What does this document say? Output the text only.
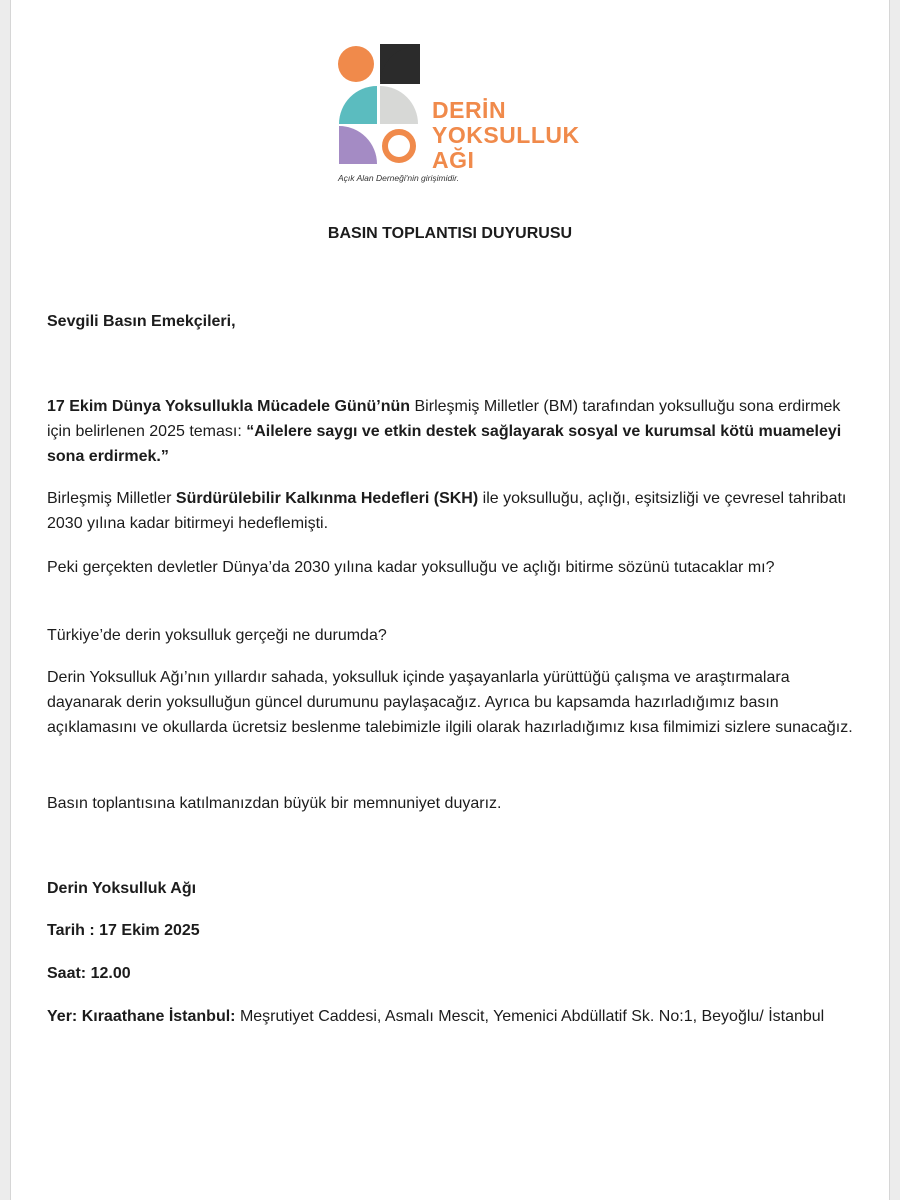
DERİN
YOKSULLUK
AĞI
Açık Alan Derneği'nin girişimidir.
BASIN TOPLANTISI DUYURUSU
Sevgili Basın Emekçileri,

17 Ekim Dünya Yoksullukla Mücadele Günü’nün Birleşmiş Milletler (BM) tarafından yoksulluğu sona erdirmek için belirlenen 2025 teması: “Ailelere saygı ve etkin destek sağlayarak sosyal ve kurumsal kötü muameleyi sona erdirmek.”

Birleşmiş Milletler Sürdürülebilir Kalkınma Hedefleri (SKH) ile yoksulluğu, açlığı, eşitsizliği ve çevresel tahribatı 2030 yılına kadar bitirmeyi hedeflemişti.

Peki gerçekten devletler Dünya’da 2030 yılına kadar yoksulluğu ve açlığı bitirme sözünü tutacaklar mı?
Türkiye’de derin yoksulluk gerçeği ne durumda?
Derin Yoksulluk Ağı’nın yıllardır sahada, yoksulluk içinde yaşayanlarla yürüttüğü çalışma ve araştırmalara dayanarak derin yoksulluğun güncel durumunu paylaşacağız. Ayrıca bu kapsamda hazırladığımız basın açıklamasını ve okullarda ücretsiz beslenme talebimizle ilgili olarak hazırladığımız kısa filmimizi sizlere sunacağız.
Basın toplantısına katılmanızdan büyük bir memnuniyet duyarız.
Derin Yoksulluk Ağı
Tarih : 17 Ekim 2025
Saat: 12.00

Yer: Kıraathane İstanbul: Meşrutiyet Caddesi, Asmalı Mescit, Yemenici Abdüllatif Sk. No:1, Beyoğlu/ İstanbul
